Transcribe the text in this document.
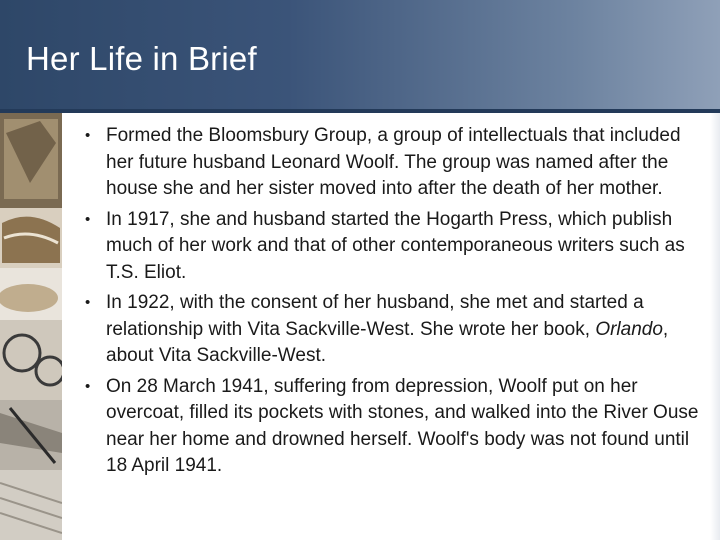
Her Life in Brief
• Formed the Bloomsbury Group, a group of intellectuals that included her future husband Leonard Woolf. The group was named after the house she and her sister moved into after the death of her mother.
• In 1917, she and husband started the Hogarth Press, which publish much of her work and that of other contemporaneous writers such as T.S. Eliot.
• In 1922, with the consent of her husband, she met and started a relationship with Vita Sackville-West. She wrote her book, Orlando, about Vita Sackville-West.
• On 28 March 1941, suffering from depression, Woolf put on her overcoat, filled its pockets with stones, and walked into the River Ouse near her home and drowned herself. Woolf's body was not found until 18 April 1941.
